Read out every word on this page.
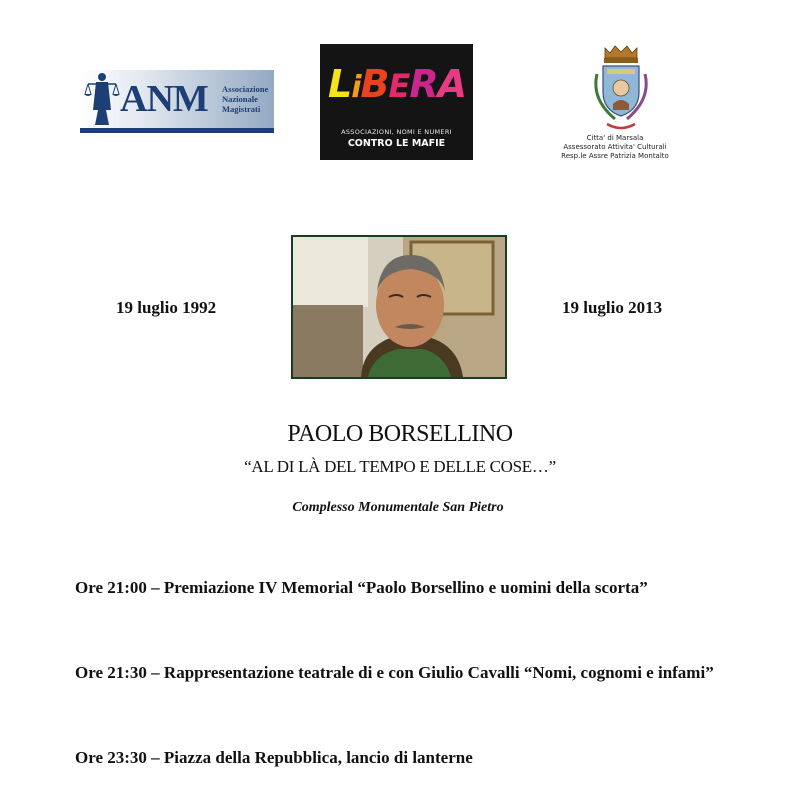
ANM Associazione
Nazionale
Magistrati
LiBERA
ASSOCIAZIONI, NOMI E NUMERI
CONTRO LE MAFIE	Citta' di Marsala
Assessorato Attivita' Culturali
Resp.le Assre Patrizia Montalto
19 luglio 1992	19 luglio 2013
PAOLO BORSELLINO
“AL DI LÀ DEL TEMPO E DELLE COSE…”
Complesso Monumentale San Pietro
Ore 21:00 – Premiazione IV Memorial “Paolo Borsellino e uomini della scorta”
Ore 21:30 – Rappresentazione teatrale di e con Giulio Cavalli “Nomi, cognomi e infami”
Ore 23:30 – Piazza della Repubblica, lancio di lanterne
